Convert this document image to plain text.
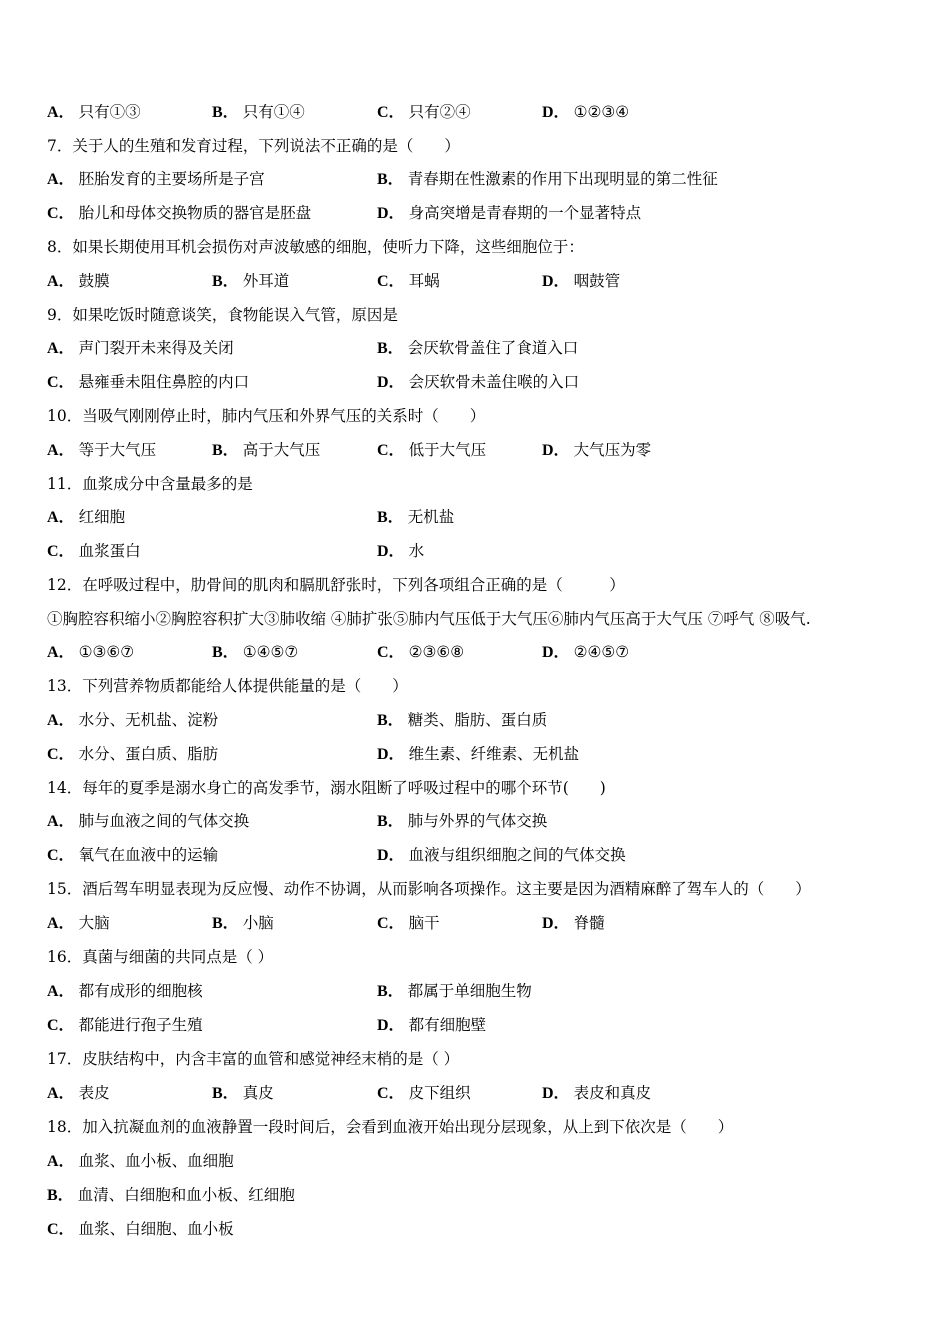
A． 只有①③	B． 只有①④	C． 只有②④	D． ①②③④
7．关于人的生殖和发育过程，下列说法不正确的是（　　）
A． 胚胎发育的主要场所是子宫	B． 青春期在性激素的作用下出现明显的第二性征
C． 胎儿和母体交换物质的器官是胚盘	D． 身高突增是青春期的一个显著特点
8．如果长期使用耳机会损伤对声波敏感的细胞，使听力下降，这些细胞位于：
A． 鼓膜	B． 外耳道	C． 耳蜗	D． 咽鼓管
9．如果吃饭时随意谈笑，食物能误入气管，原因是
A． 声门裂开未来得及关闭	B． 会厌软骨盖住了食道入口
C． 悬雍垂未阻住鼻腔的内口	D． 会厌软骨未盖住喉的入口
10．当吸气刚刚停止时，肺内气压和外界气压的关系时（　　）
A． 等于大气压	B． 高于大气压	C． 低于大气压	D． 大气压为零
11．血浆成分中含量最多的是
A． 红细胞	B． 无机盐
C． 血浆蛋白	D． 水
12．在呼吸过程中，肋骨间的肌肉和膈肌舒张时，下列各项组合正确的是（　　　）
①胸腔容积缩小②胸腔容积扩大③肺收缩 ④肺扩张⑤肺内气压低于大气压⑥肺内气压高于大气压 ⑦呼气 ⑧吸气.
A． ①③⑥⑦	B． ①④⑤⑦	C． ②③⑥⑧	D． ②④⑤⑦
13．下列营养物质都能给人体提供能量的是（　　）
A． 水分、无机盐、淀粉	B． 糖类、脂肪、蛋白质
C． 水分、蛋白质、脂肪	D． 维生素、纤维素、无机盐
14．每年的夏季是溺水身亡的高发季节，溺水阻断了呼吸过程中的哪个环节(　　)
A． 肺与血液之间的气体交换	B． 肺与外界的气体交换
C． 氧气在血液中的运输	D． 血液与组织细胞之间的气体交换
15．酒后驾车明显表现为反应慢、动作不协调，从而影响各项操作。这主要是因为酒精麻醉了驾车人的（　　）
A． 大脑	B． 小脑	C． 脑干	D． 脊髓
16．真菌与细菌的共同点是（ ）
A． 都有成形的细胞核	B． 都属于单细胞生物
C． 都能进行孢子生殖	D． 都有细胞壁
17．皮肤结构中，内含丰富的血管和感觉神经末梢的是（ ）
A． 表皮	B． 真皮	C． 皮下组织	D． 表皮和真皮
18．加入抗凝血剂的血液静置一段时间后，会看到血液开始出现分层现象，从上到下依次是（　　）
A． 血浆、血小板、血细胞
B． 血清、白细胞和血小板、红细胞
C． 血浆、白细胞、血小板
